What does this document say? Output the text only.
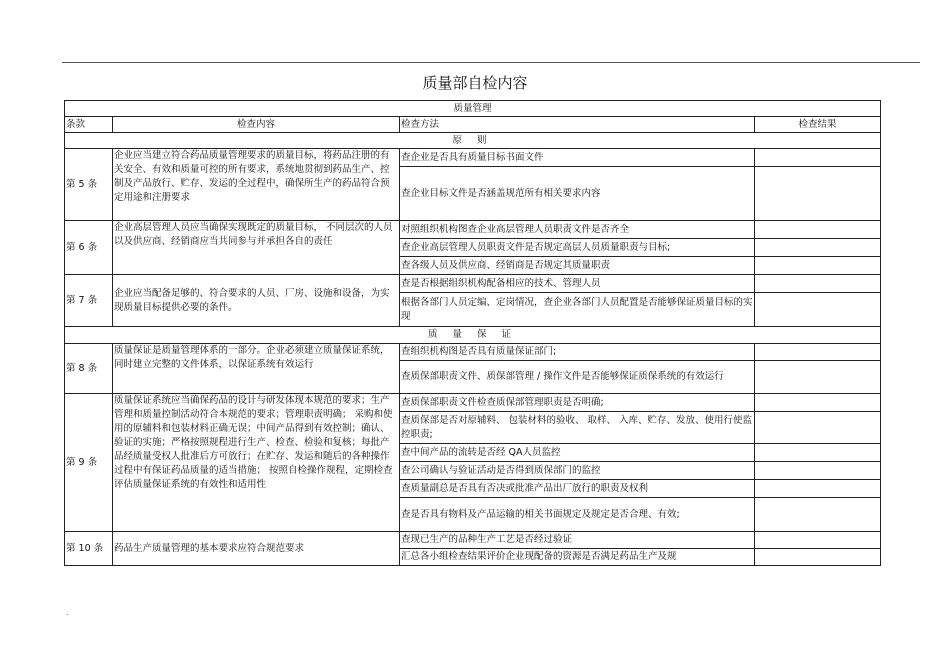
质量部自检内容
质量管理			
条款	检查内容	检查方法	检查结果
原 则			
第 5 条	企业应当建立符合药品质量管理要求的质量目标，将药品注册的有关安全、有效和质量可控的所有要求，系统地贯彻到药品生产、控制及产品放行、贮存、发运的全过程中，确保所生产的药品符合预定用途和注册要求	查企业是否具有质量目标书面文件	
		查企业目标文件是否涵盖规范所有相关要求内容	
第 6 条	企业高层管理人员应当确保实现既定的质量目标， 不同层次的人员以及供应商、经销商应当共同参与并承担各自的责任	对照组织机构图查企业高层管理人员职责文件是否齐全	
		查企业高层管理人员职责文件是否规定高层人员质量职责与目标;	
		查各级人员及供应商、经销商是否规定其质量职责	
第 7 条	企业应当配备足够的、符合要求的人员、厂房、设施和设备，为实现质量目标提供必要的条件。	查是否根据组织机构配备相应的技术、管理人员	
		根据各部门人员定编、定岗情况，查企业各部门人员配置是否能够保证质量目标的实现	
质 量 保 证			
第 8 条	质量保证是质量管理体系的一部分。企业必须建立质量保证系统，同时建立完整的文件体系，以保证系统有效运行	查组织机构图是否具有质量保证部门;	
		查质保部职责文件、质保部管理 / 操作文件是否能够保证质保系统的有效运行	
第 9 条	质量保证系统应当确保药品的设计与研发体现本规范的要求；生产管理和质量控制活动符合本规范的要求；管理职责明确； 采购和使用的原辅料和包装材料正确无误；中间产品得到有效控制；确认、验证的实施；严格按照规程进行生产、检查、检验和复核；每批产品经质量受权人批准后方可放行；在贮存、发运和随后的各种操作过程中有保证药品质量的适当措施； 按照自检操作规程，定期检查评估质量保证系统的有效性和适用性	查质保部职责文件检查质保部管理职责是否明确;	
		查质保部是否对原辅料、 包装材料的验收、 取样、 入库、贮存、发放、使用行使监控职责;	
		查中间产品的流转是否经 QA人员监控	
		查公司确认与验证活动是否得到质保部门的监控	
		查质量副总是否具有否决或批准产品出厂放行的职责及权利	
		查是否具有物料及产品运输的相关书面规定及规定是否合理、有效;	
第 10 条	药品生产质量管理的基本要求应符合规范要求	查现已生产的品种生产工艺是否经过验证	
		汇总各小组检查结果评价企业现配备的资源是否满足药品生产及规	
.
